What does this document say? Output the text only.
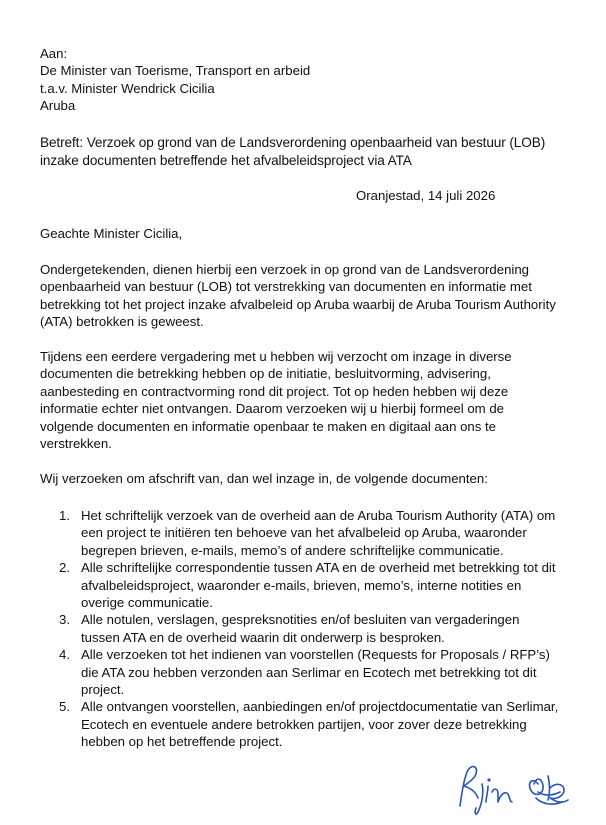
Aan:
De Minister van Toerisme, Transport en arbeid
t.a.v. Minister Wendrick Cicilia
Aruba
Betreft: Verzoek op grond van de Landsverordening openbaarheid van bestuur (LOB) inzake documenten betreffende het afvalbeleidsproject via ATA
Oranjestad, 14 juli 2026
Geachte Minister Cicilia,
Ondergetekenden, dienen hierbij een verzoek in op grond van de Landsverordening openbaarheid van bestuur (LOB) tot verstrekking van documenten en informatie met betrekking tot het project inzake afvalbeleid op Aruba waarbij de Aruba Tourism Authority (ATA) betrokken is geweest.
Tijdens een eerdere vergadering met u hebben wij verzocht om inzage in diverse documenten die betrekking hebben op de initiatie, besluitvorming, advisering, aanbesteding en contractvorming rond dit project. Tot op heden hebben wij deze informatie echter niet ontvangen. Daarom verzoeken wij u hierbij formeel om de volgende documenten en informatie openbaar te maken en digitaal aan ons te verstrekken.
Wij verzoeken om afschrift van, dan wel inzage in, de volgende documenten:
1. Het schriftelijk verzoek van de overheid aan de Aruba Tourism Authority (ATA) om een project te initiëren ten behoeve van het afvalbeleid op Aruba, waaronder begrepen brieven, e-mails, memo’s of andere schriftelijke communicatie.
2. Alle schriftelijke correspondentie tussen ATA en de overheid met betrekking tot dit afvalbeleidsproject, waaronder e-mails, brieven, memo’s, interne notities en overige communicatie.
3. Alle notulen, verslagen, gespreksnotities en/of besluiten van vergaderingen tussen ATA en de overheid waarin dit onderwerp is besproken.
4. Alle verzoeken tot het indienen van voorstellen (Requests for Proposals / RFP’s) die ATA zou hebben verzonden aan Serlimar en Ecotech met betrekking tot dit project.
5. Alle ontvangen voorstellen, aanbiedingen en/of projectdocumentatie van Serlimar, Ecotech en eventuele andere betrokken partijen, voor zover deze betrekking hebben op het betreffende project.
